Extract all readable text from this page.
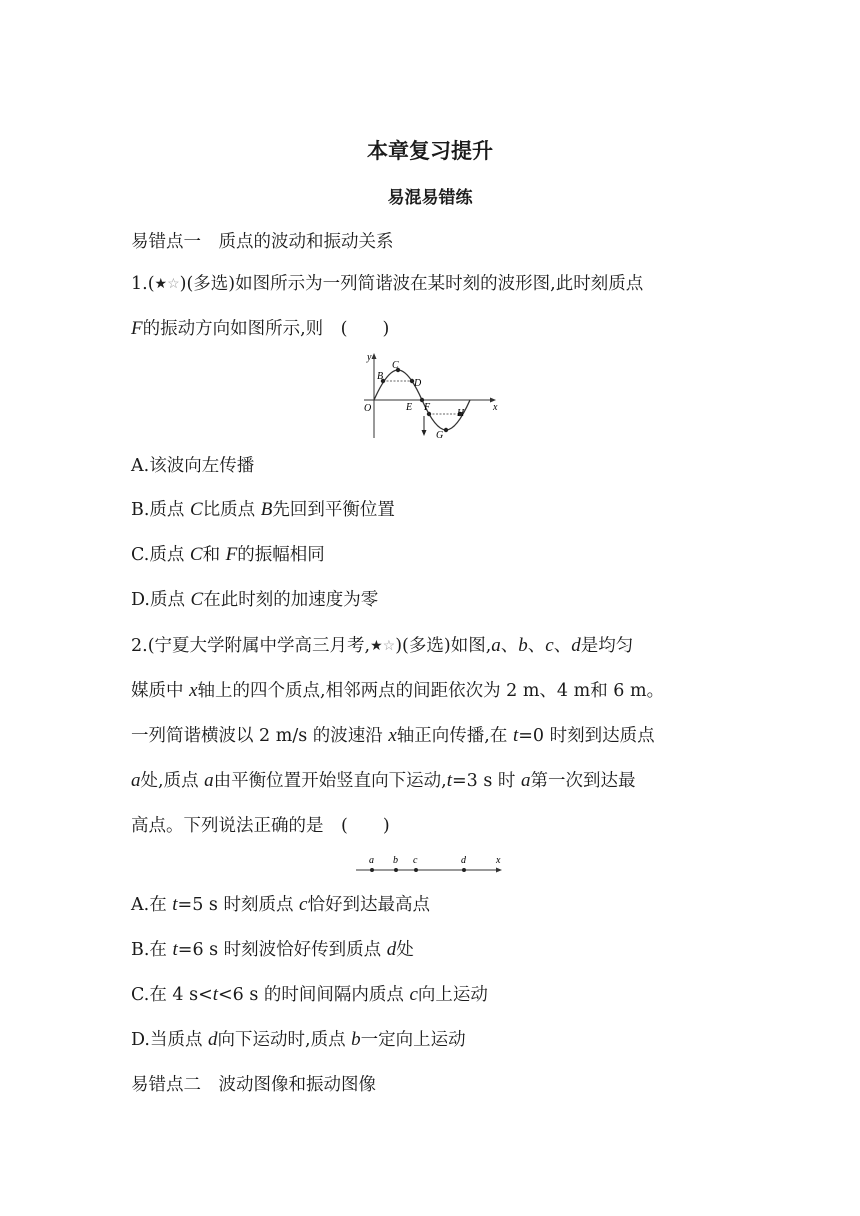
本章复习提升
易混易错练
易错点一　质点的波动和振动关系
1.(★☆)(多选)如图所示为一列简谐波在某时刻的波形图,此时刻质点
F的振动方向如图所示,则　(　　)
y
x
O
B
C
D
E F
G
H
A.该波向左传播
B.质点 C比质点 B先回到平衡位置
C.质点 C和 F的振幅相同
D.质点 C在此时刻的加速度为零
2.(宁夏大学附属中学高三月考,★☆)(多选)如图,a、b、c、d是均匀
媒质中 x轴上的四个质点,相邻两点的间距依次为 2 m、4 m和 6 m。
一列简谐横波以 2 m/s 的波速沿 x轴正向传播,在 t=0 时刻到达质点
a处,质点 a由平衡位置开始竖直向下运动,t=3 s 时 a第一次到达最
高点。下列说法正确的是　(　　)
a b c	d	x
A.在 t=5 s 时刻质点 c恰好到达最高点
B.在 t=6 s 时刻波恰好传到质点 d处
C.在 4 s<t<6 s 的时间间隔内质点 c向上运动
D.当质点 d向下运动时,质点 b一定向上运动
易错点二　波动图像和振动图像
